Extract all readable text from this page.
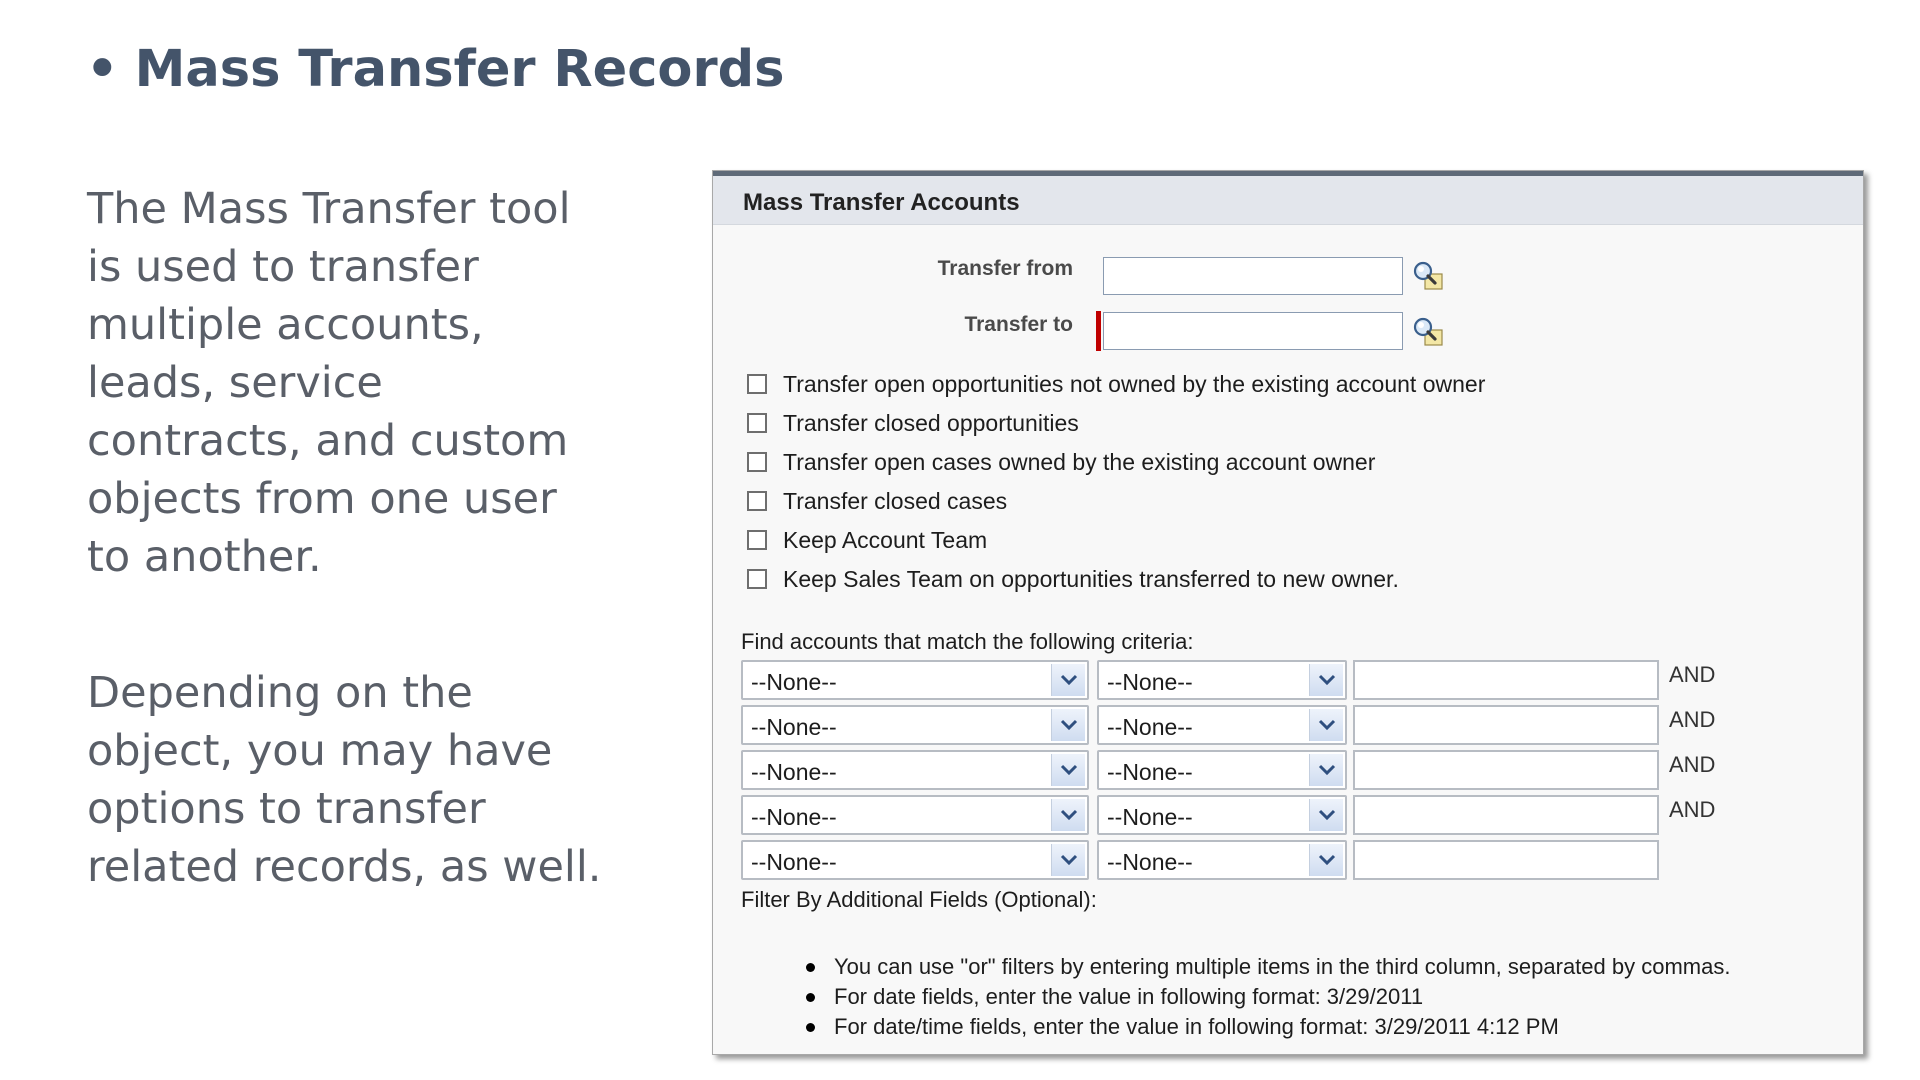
• Mass Transfer Records
The Mass Transfer tool is used to transfer multiple accounts, leads, service contracts, and custom objects from one user to another.
Depending on the object, you may have options to transfer related records, as well.
Mass Transfer Accounts
Transfer from
Transfer to
Transfer open opportunities not owned by the existing account owner
Transfer closed opportunities
Transfer open cases owned by the existing account owner
Transfer closed cases
Keep Account Team
Keep Sales Team on opportunities transferred to new owner.
Find accounts that match the following criteria:
--None--	--None--	AND
--None--	--None--	AND
--None--	--None--	AND
--None--	--None--	AND
--None--	--None--
Filter By Additional Fields (Optional):
You can use "or" filters by entering multiple items in the third column, separated by commas.
For date fields, enter the value in following format: 3/29/2011
For date/time fields, enter the value in following format: 3/29/2011 4:12 PM
